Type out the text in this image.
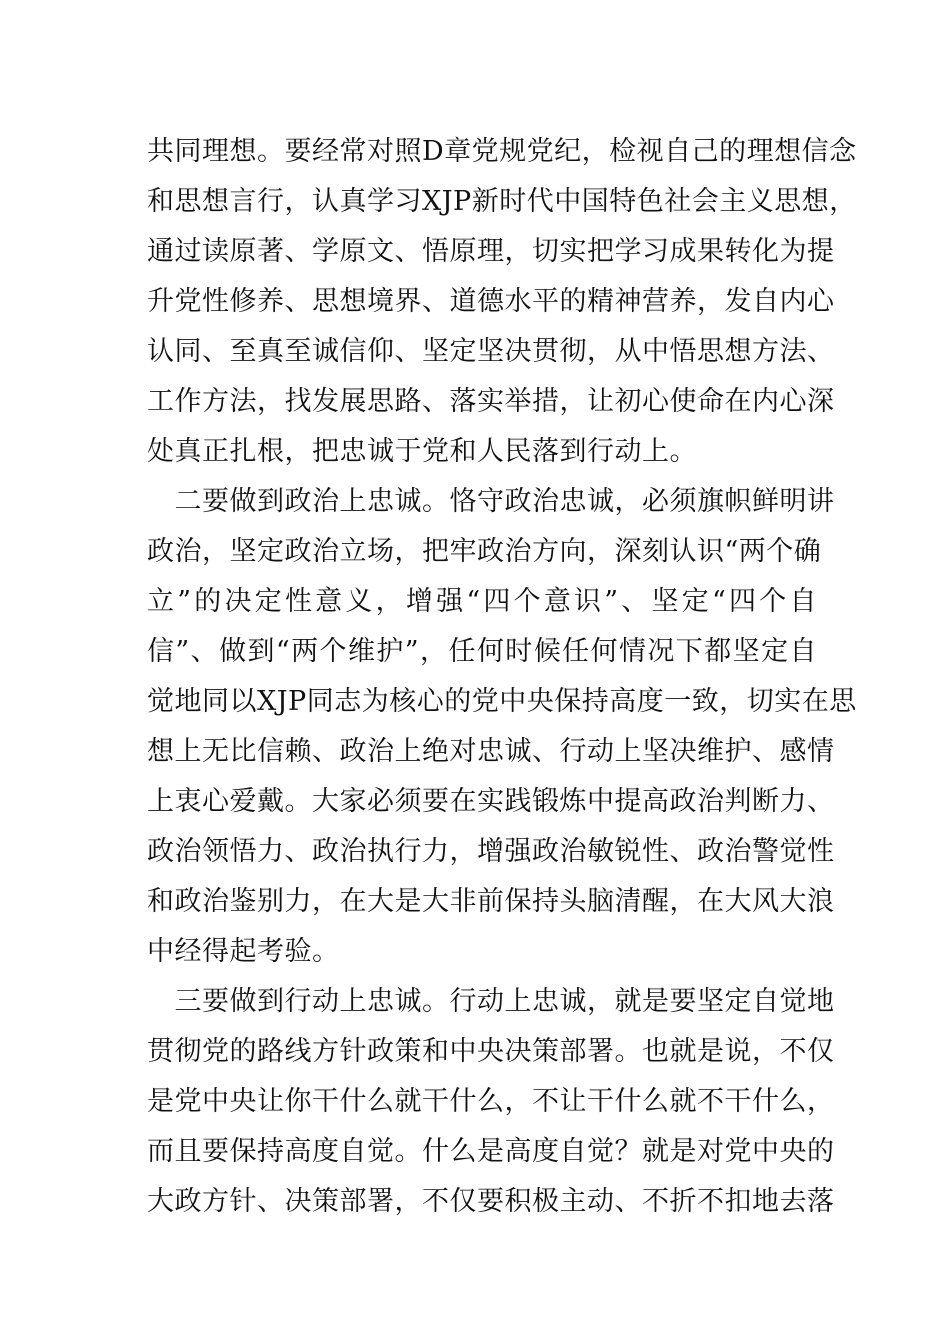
共同理想。要经常对照D章党规党纪，检视自己的理想信念
和思想言行，认真学习XJP新时代中国特色社会主义思想，
通过读原著、学原文、悟原理，切实把学习成果转化为提
升党性修养、思想境界、道德水平的精神营养，发自内心
认同、至真至诚信仰、坚定坚决贯彻，从中悟思想方法、
工作方法，找发展思路、落实举措，让初心使命在内心深
处真正扎根，把忠诚于党和人民落到行动上。
　二要做到政治上忠诚。恪守政治忠诚，必须旗帜鲜明讲
政治，坚定政治立场，把牢政治方向，深刻认识“两个确
立”的决定性意义，增强“四个意识”、坚定“四个自
信”、做到“两个维护”，任何时候任何情况下都坚定自
觉地同以XJP同志为核心的党中央保持高度一致，切实在思
想上无比信赖、政治上绝对忠诚、行动上坚决维护、感情
上衷心爱戴。大家必须要在实践锻炼中提高政治判断力、
政治领悟力、政治执行力，增强政治敏锐性、政治警觉性
和政治鉴别力，在大是大非前保持头脑清醒，在大风大浪
中经得起考验。
　三要做到行动上忠诚。行动上忠诚，就是要坚定自觉地
贯彻党的路线方针政策和中央决策部署。也就是说，不仅
是党中央让你干什么就干什么，不让干什么就不干什么，
而且要保持高度自觉。什么是高度自觉？就是对党中央的
大政方针、决策部署，不仅要积极主动、不折不扣地去落
